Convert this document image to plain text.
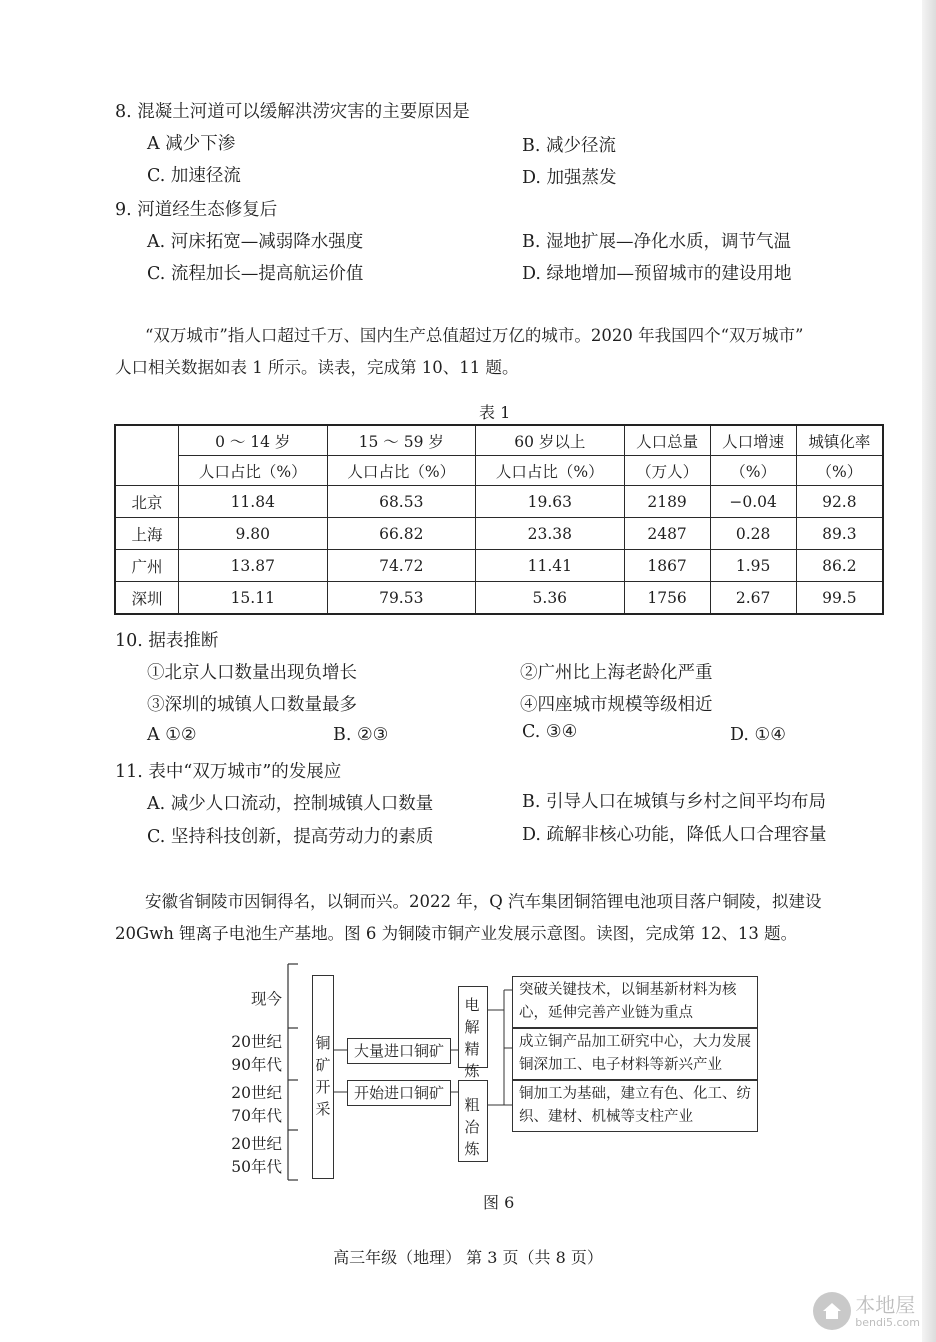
8. 混凝土河道可以缓解洪涝灾害的主要原因是
A 减少下渗	B. 减少径流
C. 加速径流	D. 加强蒸发
9. 河道经生态修复后
A. 河床拓宽—减弱降水强度	B. 湿地扩展—净化水质，调节气温
C. 流程加长—提高航运价值	D. 绿地增加—预留城市的建设用地
“双万城市”指人口超过千万、国内生产总值超过万亿的城市。2020 年我国四个“双万城市”
人口相关数据如表 1 所示。读表，完成第 10、11 题。
表 1
	0 ～ 14 岁	15 ～ 59 岁	60 岁以上	人口总量	人口增速	城镇化率
	人口占比（%）	人口占比（%）	人口占比（%）	（万人）	（%）	（%）
北京	11.84	68.53	19.63	2189	−0.04	92.8
上海	9.80	66.82	23.38	2487	0.28	89.3
广州	13.87	74.72	11.41	1867	1.95	86.2
深圳	15.11	79.53	5.36	1756	2.67	99.5
10. 据表推断
①北京人口数量出现负增长	②广州比上海老龄化严重
③深圳的城镇人口数量最多	④四座城市规模等级相近
A ①②	B. ②③	C. ③④	D. ①④
11. 表中“双万城市”的发展应
A. 减少人口流动，控制城镇人口数量	B. 引导人口在城镇与乡村之间平均布局
C. 坚持科技创新，提高劳动力的素质	D. 疏解非核心功能，降低人口合理容量
安徽省铜陵市因铜得名，以铜而兴。2022 年，Q 汽车集团铜箔锂电池项目落户铜陵，拟建设
20Gwh 锂离子电池生产基地。图 6 为铜陵市铜产业发展示意图。读图，完成第 12、13 题。
现今
20世纪
90年代
20世纪
70年代
20世纪
50年代
铜矿开采
大量进口铜矿
开始进口铜矿
电解精炼
粗冶炼
突破关键技术，以铜基新材料为核心，延伸完善产业链为重点
成立铜产品加工研究中心，大力发展铜深加工、电子材料等新兴产业
铜加工为基础，建立有色、化工、纺织、建材、机械等支柱产业
图 6
高三年级（地理） 第 3 页（共 8 页）
本地屋
bendi5.com
